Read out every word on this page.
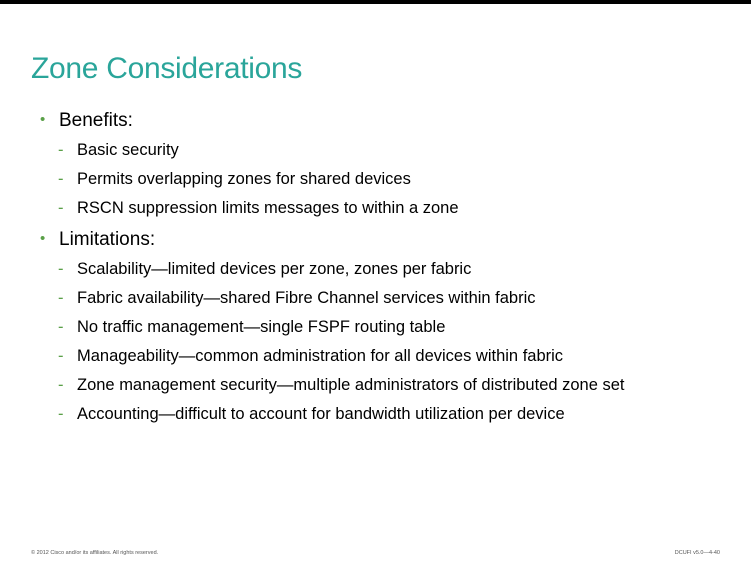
Zone Considerations
• Benefits:
- Basic security
- Permits overlapping zones for shared devices
- RSCN suppression limits messages to within a zone
• Limitations:
- Scalability—limited devices per zone, zones per fabric
- Fabric availability—shared Fibre Channel services within fabric
- No traffic management—single FSPF routing table
- Manageability—common administration for all devices within fabric
- Zone management security—multiple administrators of distributed zone set
- Accounting—difficult to account for bandwidth utilization per device
© 2012 Cisco and/or its affiliates. All rights reserved.	DCUFI v5.0—4-40
